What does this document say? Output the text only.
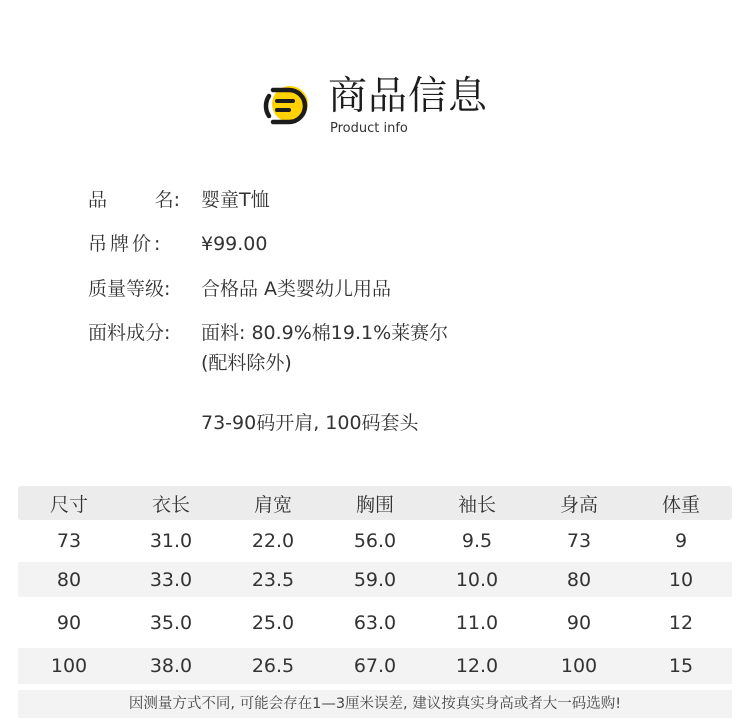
商品信息
Product info
品	名: 婴童T恤
吊牌价:	¥99.00
质量等级:	合格品 A类婴幼儿用品
面料成分:	面料: 80.9%棉19.1%莱赛尔
(配料除外)
73-90码开肩, 100码套头
尺寸	衣长	肩宽	胸围	袖长	身高	体重
73	31.0	22.0	56.0	9.5	73	9
80	33.0	23.5	59.0	10.0	80	10
90	35.0	25.0	63.0	11.0	90	12
100	38.0	26.5	67.0	12.0	100	15
因测量方式不同, 可能会存在1—3厘米误差, 建议按真实身高或者大一码选购!
